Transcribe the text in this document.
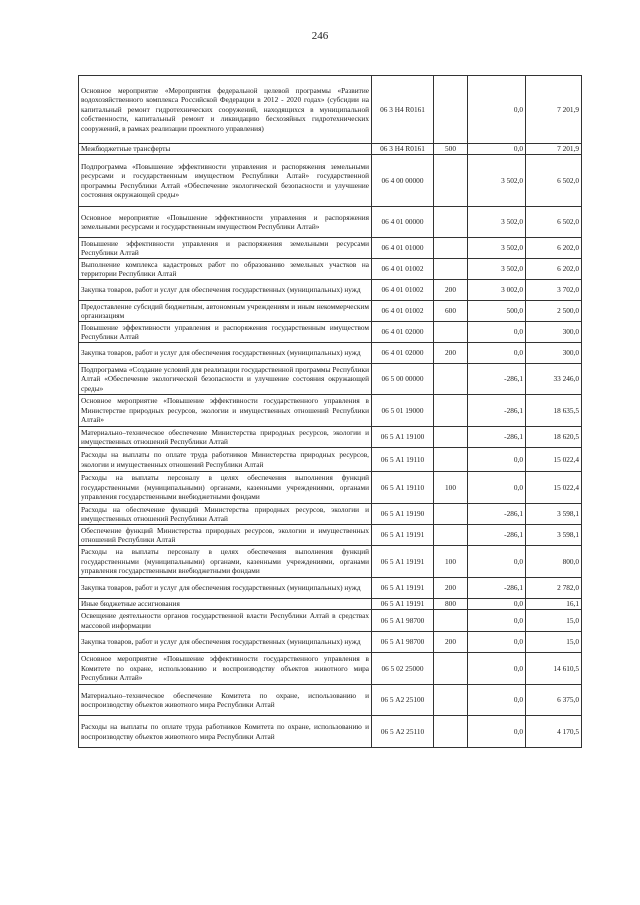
246
Основное мероприятие «Мероприятия федеральной целевой программы «Развитие водохозяйственного комплекса Российской Федерации в 2012 - 2020 годах» (субсидии на капитальный ремонт гидротехнических сооружений, находящихся в муниципальной собственности, капитальный ремонт и ликвидацию бесхозяйных гидротехнических сооружений, в рамках реализации проектного управления)	06 3 Н4 R0161		0,0	7 201,9
Межбюджетные трансферты	06 3 Н4 R0161	500	0,0	7 201,9
Подпрограмма «Повышение эффективности управления и распоряжения земельными ресурсами и государственным имуществом Республики Алтай» государственной программы Республики Алтай «Обеспечение экологической безопасности и улучшение состояния окружающей среды»	06 4 00 00000		3 502,0	6 502,0
Основное мероприятие «Повышение эффективности управления и распоряжения земельными ресурсами и государственным имуществом Республики Алтай»	06 4 01 00000		3 502,0	6 502,0
Повышение эффективности управления и распоряжения земельными ресурсами Республики Алтай	06 4 01 01000		3 502,0	6 202,0
Выполнение комплекса кадастровых работ по образованию земельных участков на территории Республики Алтай	06 4 01 01002		3 502,0	6 202,0
Закупка товаров, работ и услуг для обеспечения государственных (муниципальных) нужд	06 4 01 01002	200	3 002,0	3 702,0
Предоставление субсидий бюджетным, автономным учреждениям и иным некоммерческим организациям	06 4 01 01002	600	500,0	2 500,0
Повышение эффективности управления и распоряжения государственным имуществом Республики Алтай	06 4 01 02000		0,0	300,0
Закупка товаров, работ и услуг для обеспечения государственных (муниципальных) нужд	06 4 01 02000	200	0,0	300,0
Подпрограмма «Создание условий для реализации государственной программы Республики Алтай «Обеспечение экологической безопасности и улучшение состояния окружающей среды»	06 5 00 00000		-286,1	33 246,0
Основное мероприятие «Повышение эффективности государственного управления в Министерстве природных ресурсов, экологии и имущественных отношений Республики Алтай»	06 5 01 19000		-286,1	18 635,5
Материально–техническое обеспечение Министерства природных ресурсов, экологии и имущественных отношений Республики Алтай	06 5 А1 19100		-286,1	18 620,5
Расходы на выплаты по оплате труда работников Министерства природных ресурсов, экологии и имущественных отношений Республики Алтай	06 5 А1 19110		0,0	15 022,4
Расходы на выплаты персоналу в целях обеспечения выполнения функций государственными (муниципальными) органами, казенными учреждениями, органами управления государственными внебюджетными фондами	06 5 А1 19110	100	0,0	15 022,4
Расходы на обеспечение функций Министерства природных ресурсов, экологии и имущественных отношений Республики Алтай	06 5 А1 19190		-286,1	3 598,1
Обеспечение функций Министерства природных ресурсов, экологии и имущественных отношений Республики Алтай	06 5 А1 19191		-286,1	3 598,1
Расходы на выплаты персоналу в целях обеспечения выполнения функций государственными (муниципальными) органами, казенными учреждениями, органами управления государственными внебюджетными фондами	06 5 А1 19191	100	0,0	800,0
Закупка товаров, работ и услуг для обеспечения государственных (муниципальных) нужд	06 5 А1 19191	200	-286,1	2 782,0
Иные бюджетные ассигнования	06 5 А1 19191	800	0,0	16,1
Освещение деятельности органов государственной власти Республики Алтай в средствах массовой информации	06 5 А1 98700		0,0	15,0
Закупка товаров, работ и услуг для обеспечения государственных (муниципальных) нужд	06 5 А1 98700	200	0,0	15,0
Основное мероприятие «Повышение эффективности государственного управления в Комитете по охране, использованию и воспроизводству объектов животного мира Республики Алтай»	06 5 02 25000		0,0	14 610,5
Материально–техническое обеспечение Комитета по охране, использованию и воспроизводству объектов животного мира Республики Алтай	06 5 А2 25100		0,0	6 375,0
Расходы на выплаты по оплате труда работников Комитета по охране, использованию и воспроизводству объектов животного мира Республики Алтай	06 5 А2 25110		0,0	4 170,5
